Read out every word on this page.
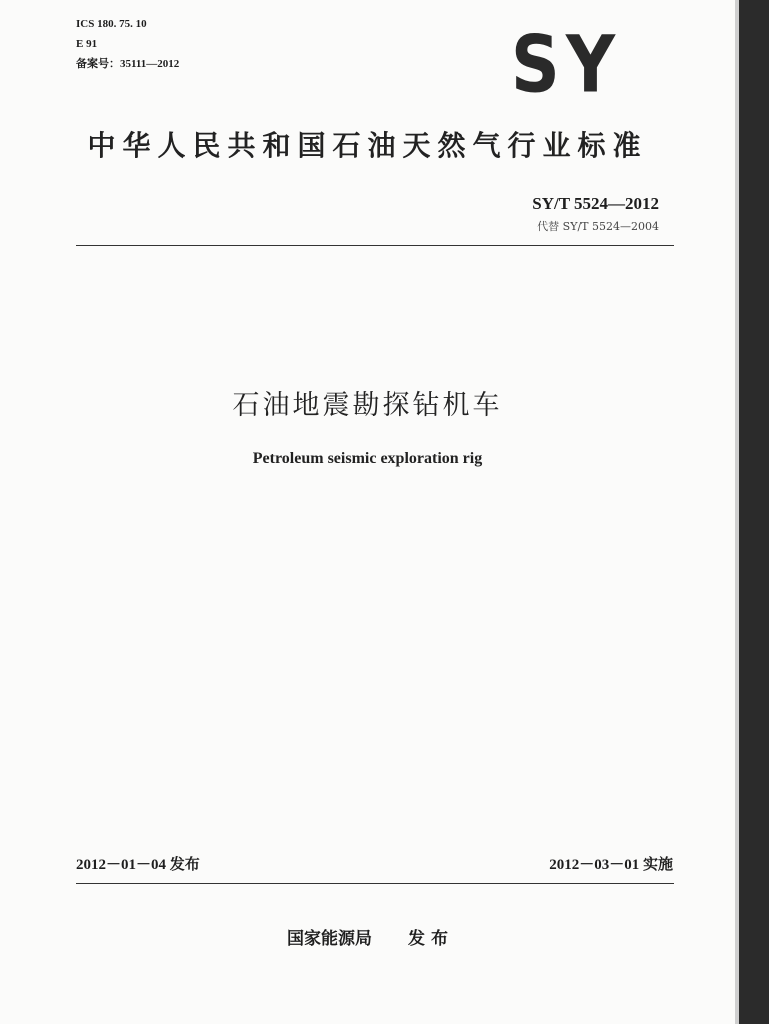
ICS 180. 75. 10
E 91
备案号：35111—2012	SY
中华人民共和国石油天然气行业标准
SY/T 5524—2012
代替 SY/T 5524—2004
石油地震勘探钻机车
Petroleum seismic exploration rig
2012－01－04 发布	2012－03－01 实施
国家能源局 发 布
